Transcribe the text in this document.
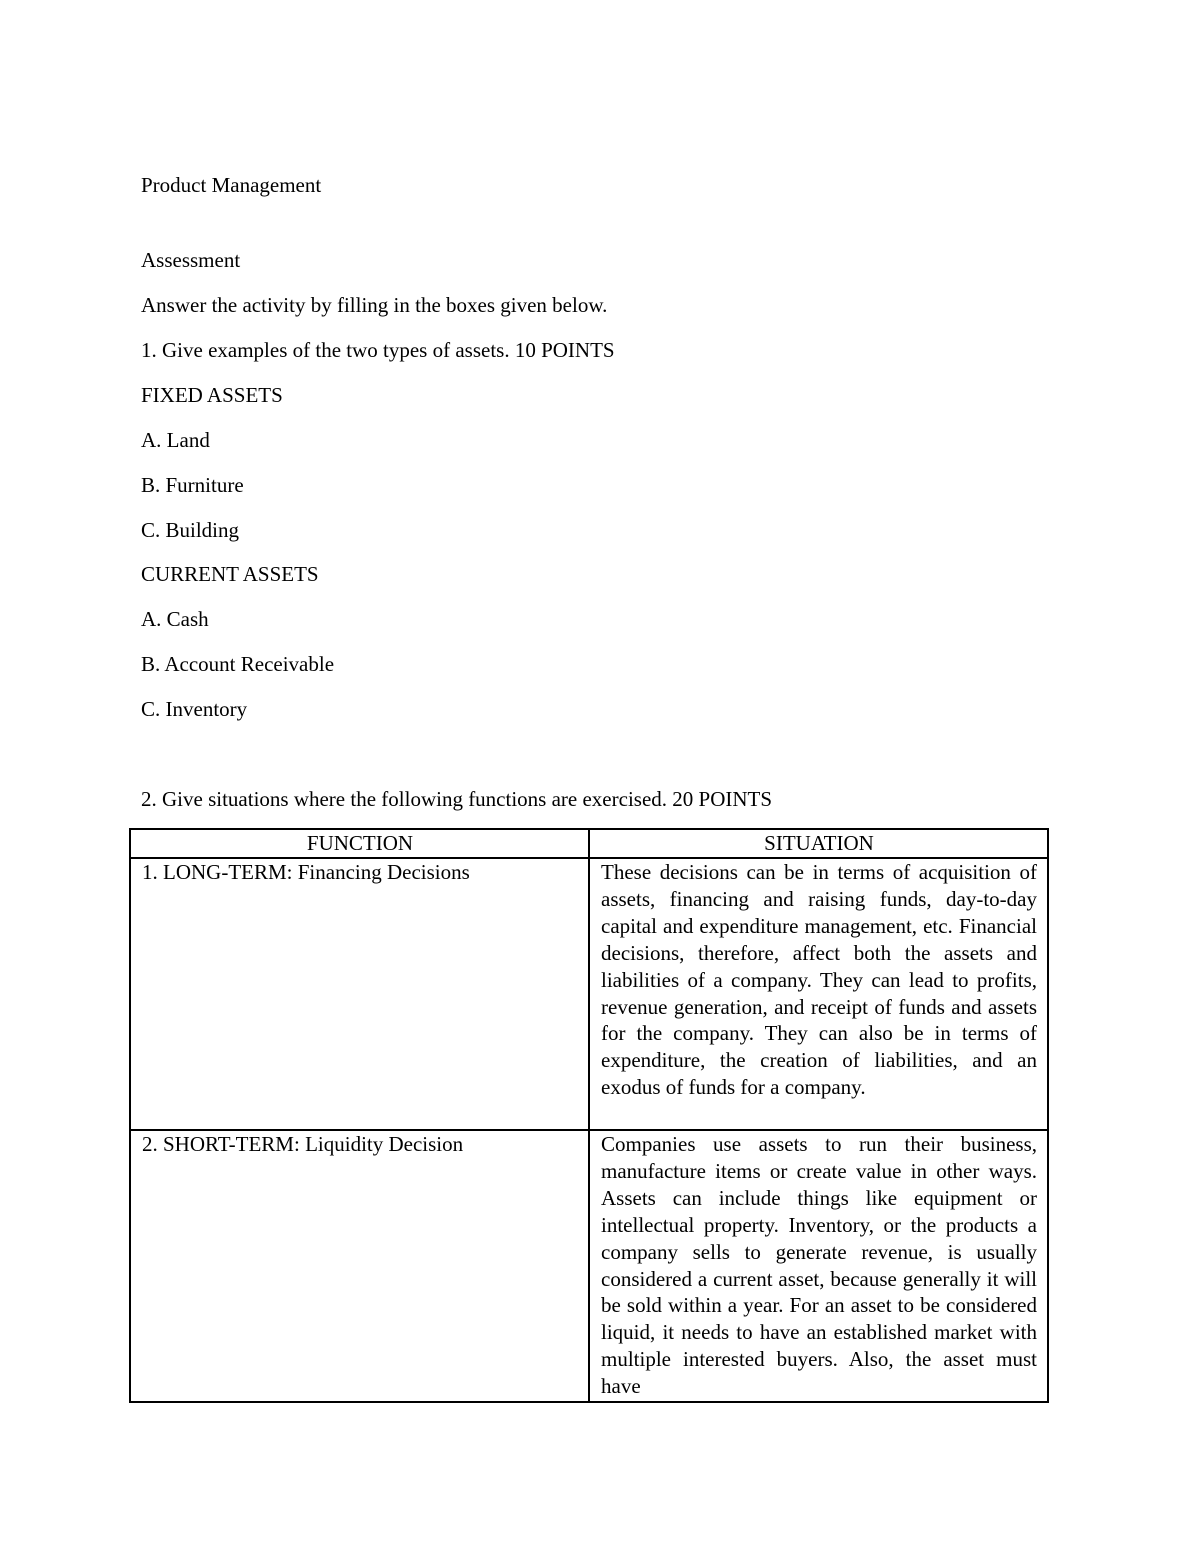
Product Management
Assessment
Answer the activity by filling in the boxes given below.
1. Give examples of the two types of assets. 10 POINTS
FIXED ASSETS
A. Land
B. Furniture
C. Building
CURRENT ASSETS
A. Cash
B. Account Receivable
C. Inventory
2. Give situations where the following functions are exercised. 20 POINTS
FUNCTION	SITUATION
1. LONG-TERM: Financing Decisions	These decisions can be in terms of acquisition of assets, financing and raising funds, day-to-day capital and expenditure management, etc. Financial decisions, therefore, affect both the assets and liabilities of a company. They can lead to profits, revenue generation, and receipt of funds and assets for the company. They can also be in terms of expenditure, the creation of liabilities, and an exodus of funds for a company.
2. SHORT-TERM: Liquidity Decision	Companies use assets to run their business, manufacture items or create value in other ways. Assets can include things like equipment or intellectual property. Inventory, or the products a company sells to generate revenue, is usually considered a current asset, because generally it will be sold within a year. For an asset to be considered liquid, it needs to have an established market with multiple interested buyers. Also, the asset must have
